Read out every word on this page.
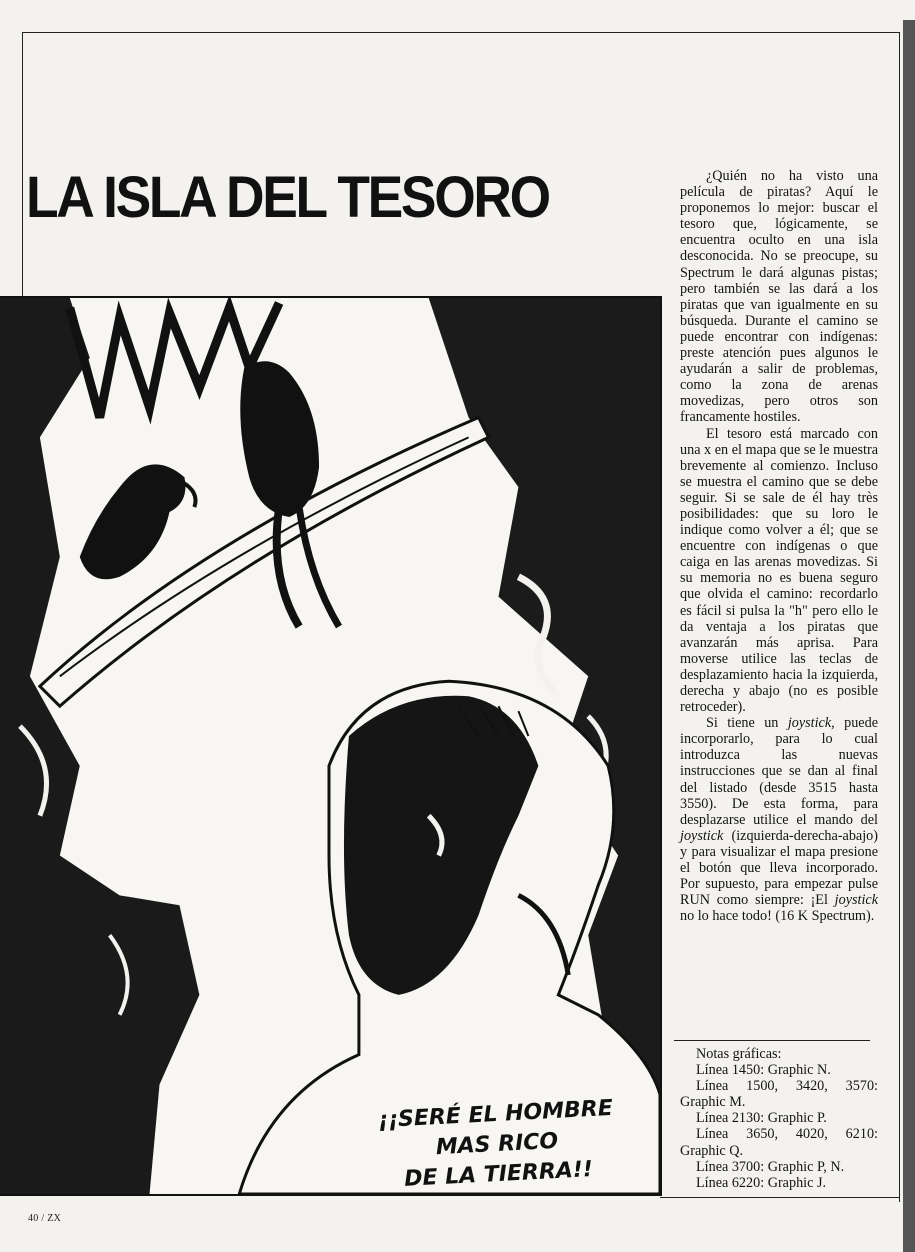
LA ISLA DEL TESORO
¡¡SERÉ EL HOMBRE
MAS RICO
DE LA TIERRA!!

¿Quién no ha visto una película de piratas? Aquí le proponemos lo mejor: buscar el tesoro que, lógicamente, se encuentra oculto en una isla desconocida. No se preocupe, su Spectrum le dará algunas pistas; pero también se las dará a los piratas que van igualmente en su búsqueda. Durante el camino se puede encontrar con indígenas: preste atención pues algunos le ayudarán a salir de problemas, como la zona de arenas movedizas, pero otros son francamente hostiles.

El tesoro está marcado con una x en el mapa que se le muestra brevemente al comienzo. Incluso se muestra el camino que se debe seguir. Si se sale de él hay très posibilidades: que su loro le indique como volver a él; que se encuentre con indígenas o que caiga en las arenas movedizas. Si su memoria no es buena seguro que olvida el camino: recordarlo es fácil si pulsa la "h" pero ello le da ventaja a los piratas que avanzarán más aprisa. Para moverse utilice las teclas de desplazamiento hacia la izquierda, derecha y abajo (no es posible retroceder).

Si tiene un joystick, puede incorporarlo, para lo cual introduzca las nuevas instrucciones que se dan al final del listado (desde 3515 hasta 3550). De esta forma, para desplazarse utilice el mando del joystick (izquierda-derecha-abajo) y para visualizar el mapa presione el botón que lleva incorporado. Por supuesto, para empezar pulse RUN como siempre: ¡El joystick no lo hace todo! (16 K Spectrum).

Notas gráficas:
Línea 1450: Graphic N.
Línea 1500, 3420, 3570: Graphic M.
Línea 2130: Graphic P.
Línea 3650, 4020, 6210: Graphic Q.
Línea 3700: Graphic P, N.
Línea 6220: Graphic J.
40 / ZX
